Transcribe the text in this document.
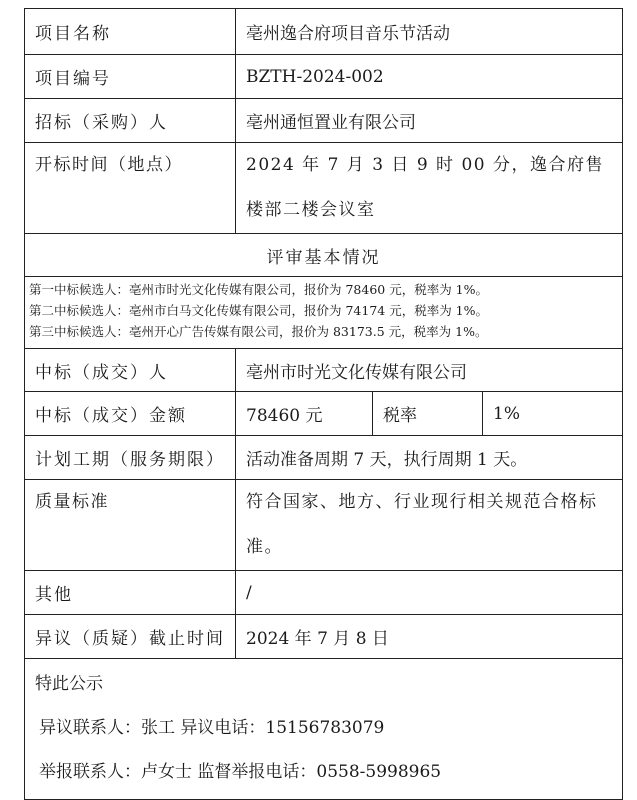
项目名称	亳州逸合府项目音乐节活动		
项目编号	BZTH-2024-002		
招标（采购）人	亳州通恒置业有限公司		
开标时间（地点）	2024 年 7 月 3 日 9 时 00 分，逸合府售楼部二楼会议室		
评审基本情况			

第一中标候选人：亳州市时光文化传媒有限公司，报价为 78460 元，税率为 1%。
第二中标候选人：亳州市白马文化传媒有限公司，报价为 74174 元，税率为 1%。
第三中标候选人：亳州开心广告传媒有限公司，报价为 83173.5 元，税率为 1%。			

中标（成交）人	亳州市时光文化传媒有限公司		
中标（成交）金额	78460 元	税率	1%
计划工期（服务期限）	活动准备周期 7 天，执行周期 1 天。		
质量标准	符合国家、地方、行业现行相关规范合格标准。		
其他	/		
异议（质疑）截止时间	2024 年 7 月 8 日		

特此公示
异议联系人：张工 异议电话：15156783079
举报联系人：卢女士 监督举报电话：0558-5998965			
